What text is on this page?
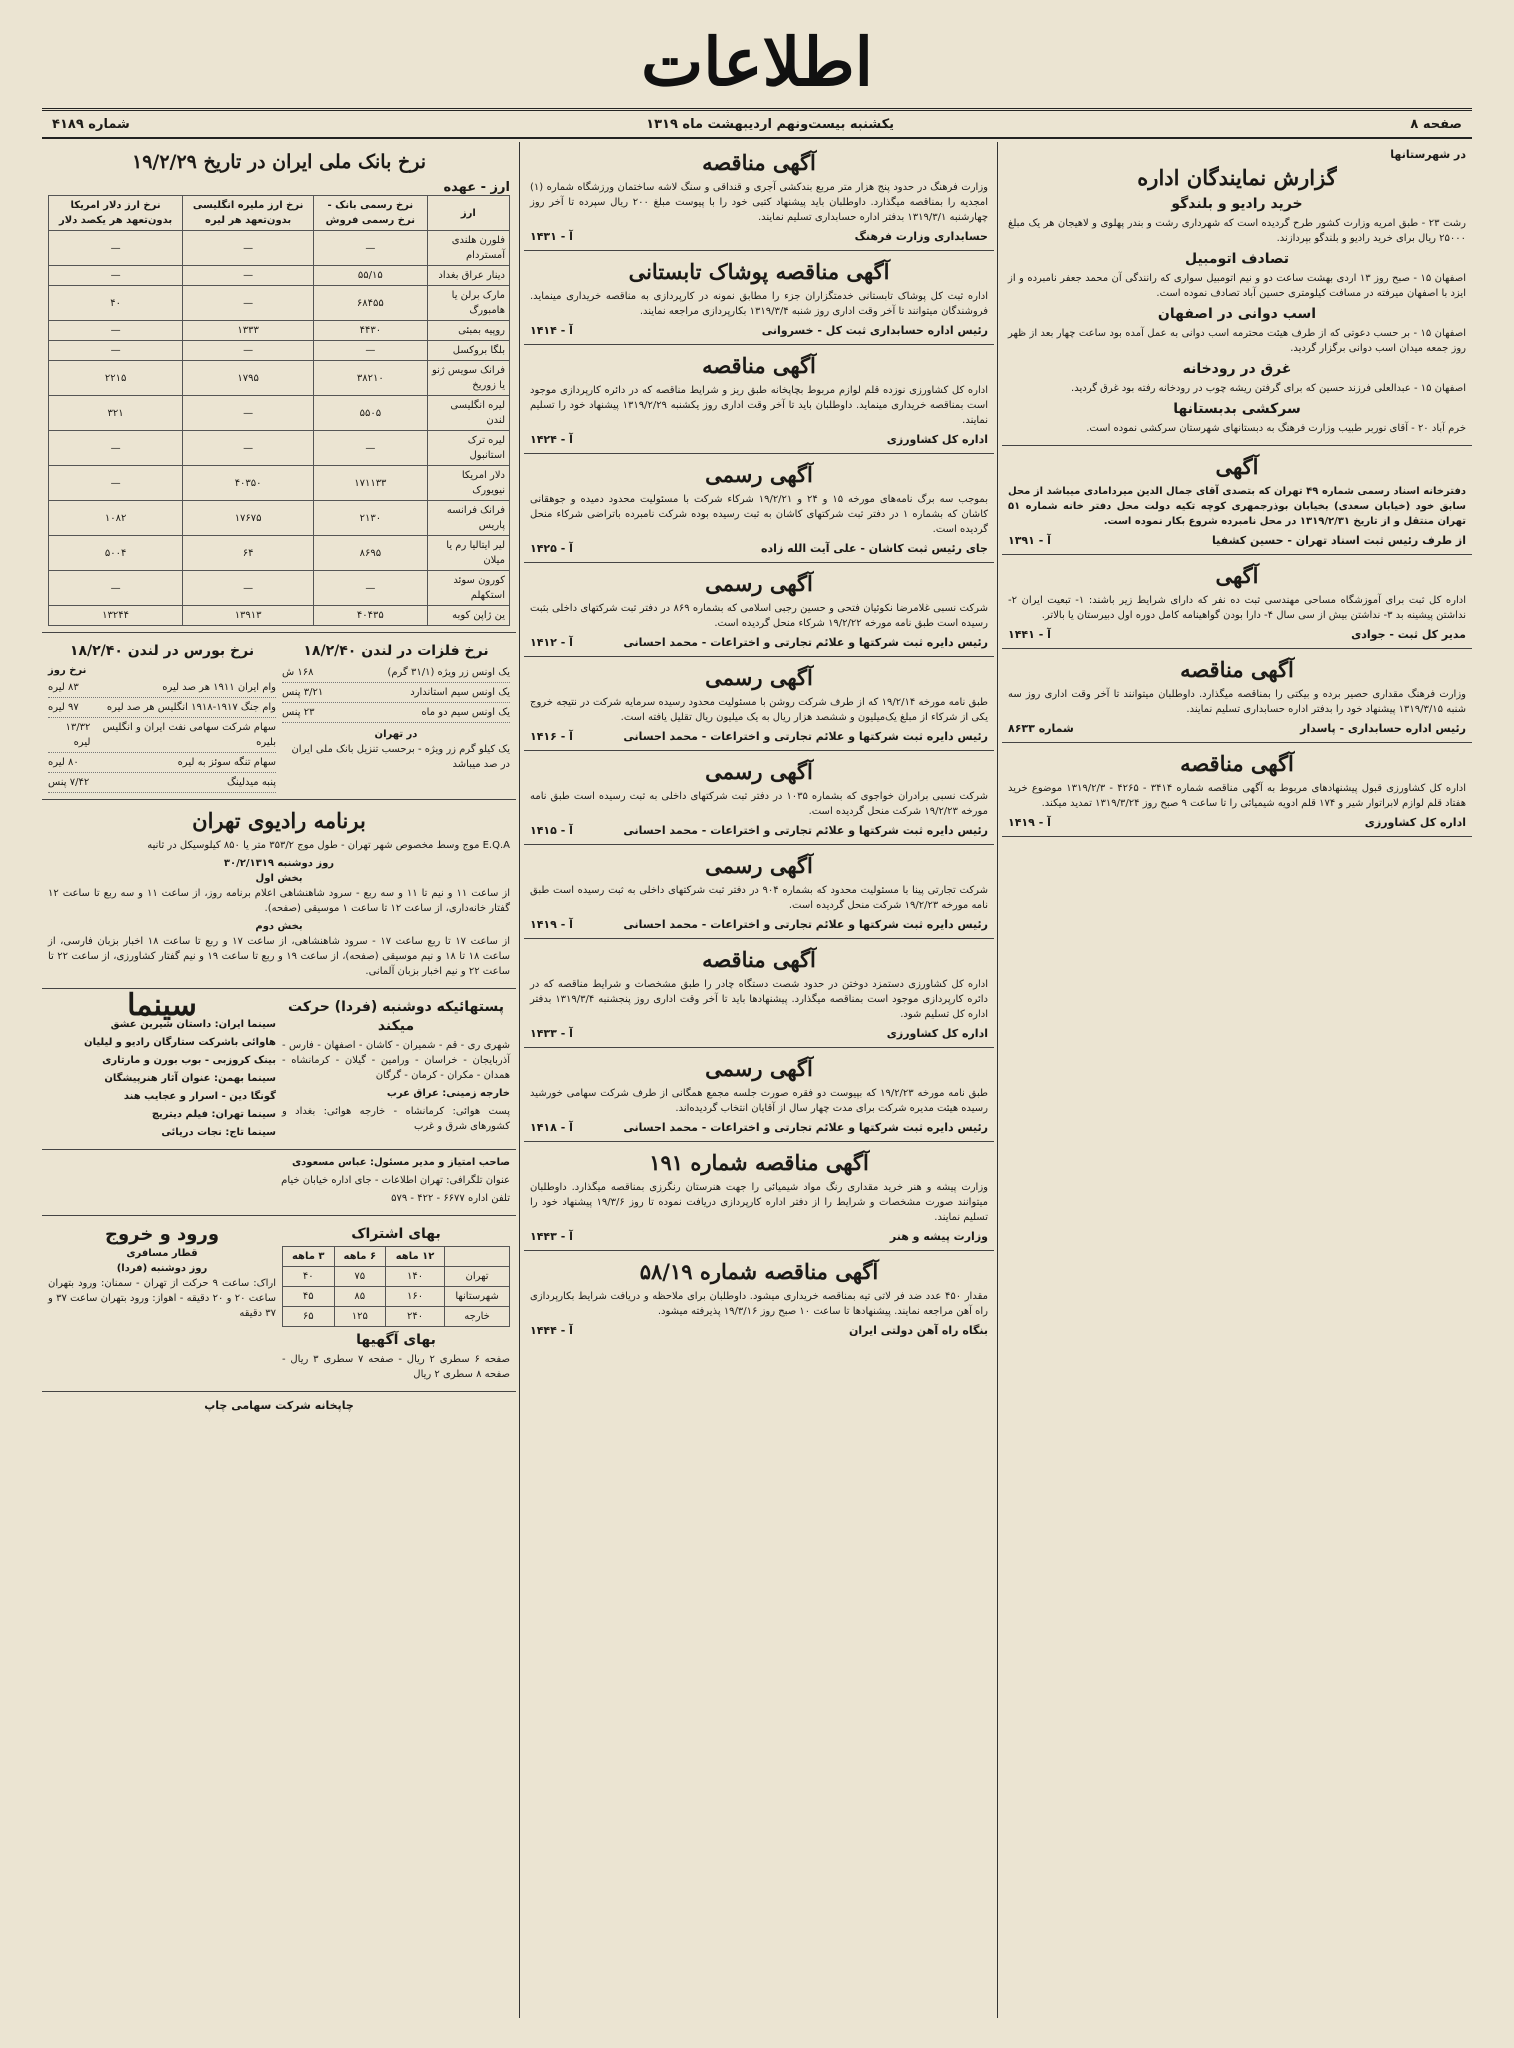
اطلاعات
صفحه ۸
یکشنبه بیست‌ونهم اردیبهشت ماه ۱۳۱۹
شماره ۴۱۸۹
در شهرستانها
گزارش نمایندگان اداره
خرید رادیو و بلندگو

رشت ۲۳ - طبق امریه وزارت کشور طرح گردیده است که شهرداری رشت و بندر پهلوی و لاهیجان هر یک مبلغ ۲۵۰۰۰ ریال برای خرید رادیو و بلندگو بپردازند.

تصادف اتومبیل

اصفهان ۱۵ - صبح روز ۱۳ اردی بهشت ساعت دو و نیم اتومبیل سواری که رانندگی آن محمد جعفر نامبرده و از ایزد با اصفهان میرفته در مسافت کیلومتری حسین آباد تصادف نموده است.

اسب دوانی در اصفهان

اصفهان ۱۵ - بر حسب دعوتی که از طرف هیئت محترمه اسب دوانی به عمل آمده بود ساعت چهار بعد از ظهر روز جمعه میدان اسب دوانی برگزار گردید.

غرق در رودخانه

اصفهان ۱۵ - عبدالعلی فرزند حسین که برای گرفتن ریشه چوب در رودخانه رفته بود غرق گردید.

سرکشی بدبستانها

خرم آباد ۲۰ - آقای نوربر طبیب وزارت فرهنگ به دبستانهای شهرستان سرکشی نموده است.

آگهی

دفترخانه اسناد رسمی شماره ۴۹ تهران که بتصدی آقای جمال الدین میردامادی میباشد از محل سابق خود (خیابان سعدی) بخیابان بوذرجمهری کوچه تکیه دولت محل دفتر خانه شماره ۵۱ تهران منتقل و از تاریخ ۱۳۱۹/۲/۳۱ در محل نامبرده شروع بکار نموده است.

از طرف رئیس ثبت اسناد تهران - حسین کشفیا
آ - ۱۳۹۱
آگهی

اداره کل ثبت برای آموزشگاه مساحی مهندسی ثبت ده نفر که دارای شرایط زیر باشند: ۱- تبعیت ایران ۲- نداشتن پیشینه بد ۳- نداشتن بیش از سی سال ۴- دارا بودن گواهینامه کامل دوره اول دبیرستان یا بالاتر.

مدیر کل ثبت - جوادی
آ - ۱۴۴۱
آگهی مناقصه

وزارت فرهنگ مقداری حصیر برده و بیکتی را بمناقصه میگذارد. داوطلبان میتوانند تا آخر وقت اداری روز سه شنبه ۱۳۱۹/۳/۱۵ پیشنهاد خود را بدفتر اداره حسابداری تسلیم نمایند.

رئیس اداره حسابداری - پاسدار
شماره ۸۶۳۳
آگهی مناقصه

اداره کل کشاورزی قبول پیشنهادهای مربوط به آگهی مناقصه شماره ۳۴۱۴ - ۴۲۶۵ - ۱۳۱۹/۲/۳ موضوع خرید هفتاد قلم لوازم لابراتوار شیر و ۱۷۴ قلم ادویه شیمیائی را تا ساعت ۹ صبح روز ۱۳۱۹/۳/۲۴ تمدید میکند.

اداره کل کشاورزی
آ - ۱۴۱۹
آگهی مناقصه

وزارت فرهنگ در حدود پنج هزار متر مربع بندکشی آجری و قنداقی و سنگ لاشه ساختمان ورزشگاه شماره (۱) امجدیه را بمناقصه میگذارد. داوطلبان باید پیشنهاد کتبی خود را با پیوست مبلغ ۲۰۰ ریال سپرده تا آخر روز چهارشنبه ۱۳۱۹/۳/۱ بدفتر اداره حسابداری تسلیم نمایند.

حسابداری وزارت فرهنگ
آ - ۱۴۳۱
آگهی مناقصه پوشاک تابستانی

اداره ثبت کل پوشاک تابستانی خدمتگزاران جزء را مطابق نمونه در کارپردازی به مناقصه خریداری مینماید. فروشندگان میتوانند تا آخر وقت اداری روز شنبه ۱۳۱۹/۳/۴ بکارپردازی مراجعه نمایند.

رئیس اداره حسابداری ثبت کل - خسروانی
آ - ۱۴۱۴
آگهی مناقصه

اداره کل کشاورزی نوزده قلم لوازم مربوط بچاپخانه طبق ریز و شرایط مناقصه که در دائره کارپردازی موجود است بمناقصه خریداری مینماید. داوطلبان باید تا آخر وقت اداری روز یکشنبه ۱۳۱۹/۲/۲۹ پیشنهاد خود را تسلیم نمایند.

اداره کل کشاورزی
آ - ۱۴۲۴
آگهی رسمی

بموجب سه برگ نامه‌های مورخه ۱۵ و ۲۴ و ۱۹/۲/۲۱ شرکاء شرکت با مسئولیت محدود دمیده و جوهقانی کاشان که بشماره ۱ در دفتر ثبت شرکتهای کاشان به ثبت رسیده بوده شرکت نامبرده باتراضی شرکاء منحل گردیده است.

جای رئیس ثبت کاشان - علی آیت الله زاده
آ - ۱۴۲۵
آگهی رسمی

شرکت نسبی غلامرضا نکوئیان فتحی و حسین رجبی اسلامی که بشماره ۸۶۹ در دفتر ثبت شرکتهای داخلی بثبت رسیده است طبق نامه مورخه ۱۹/۲/۲۲ شرکاء منحل گردیده است.

رئیس دایره ثبت شرکتها و علائم تجارتی و اختراعات - محمد احسانی
آ - ۱۴۱۲
آگهی رسمی

طبق نامه مورخه ۱۹/۲/۱۴ که از طرف شرکت روشن با مسئولیت محدود رسیده سرمایه شرکت در نتیجه خروج یکی از شرکاء از مبلغ یک‌میلیون و ششصد هزار ریال به یک میلیون ریال تقلیل یافته است.

رئیس دایره ثبت شرکتها و علائم تجارتی و اختراعات - محمد احسانی
آ - ۱۴۱۶
آگهی رسمی

شرکت نسبی برادران خواجوی که بشماره ۱۰۳۵ در دفتر ثبت شرکتهای داخلی به ثبت رسیده است طبق نامه مورخه ۱۹/۲/۲۳ شرکت منحل گردیده است.

رئیس دایره ثبت شرکتها و علائم تجارتی و اختراعات - محمد احسانی
آ - ۱۴۱۵
آگهی رسمی

شرکت تجارتی پینا با مسئولیت محدود که بشماره ۹۰۴ در دفتر ثبت شرکتهای داخلی به ثبت رسیده است طبق نامه مورخه ۱۹/۲/۲۳ شرکت منحل گردیده است.

رئیس دایره ثبت شرکتها و علائم تجارتی و اختراعات - محمد احسانی
آ - ۱۴۱۹
آگهی مناقصه

اداره کل کشاورزی دستمزد دوختن در حدود شصت دستگاه چادر را طبق مشخصات و شرایط مناقصه که در دائره کارپردازی موجود است بمناقصه میگذارد. پیشنهادها باید تا آخر وقت اداری روز پنجشنبه ۱۳۱۹/۳/۴ بدفتر اداره کل تسلیم شود.

اداره کل کشاورزی
آ - ۱۴۳۳
آگهی رسمی

طبق نامه مورخه ۱۹/۲/۲۳ که بپیوست دو فقره صورت جلسه مجمع همگانی از طرف شرکت سهامی خورشید رسیده هیئت مدیره شرکت برای مدت چهار سال از آقایان انتخاب گردیده‌اند.

رئیس دایره ثبت شرکتها و علائم تجارتی و اختراعات - محمد احسانی
آ - ۱۴۱۸
آگهی مناقصه شماره ۱۹۱

وزارت پیشه و هنر خرید مقداری رنگ مواد شیمیائی را جهت هنرستان رنگرزی بمناقصه میگذارد. داوطلبان میتوانند صورت مشخصات و شرایط را از دفتر اداره کارپردازی دریافت نموده تا روز ۱۹/۳/۶ پیشنهاد خود را تسلیم نمایند.

وزارت پیشه و هنر
آ - ۱۴۴۳
آگهی مناقصه شماره ۵۸/۱۹

مقدار ۴۵۰ عدد ضد فر لاتی تیه بمناقصه خریداری میشود. داوطلبان برای ملاحظه و دریافت شرایط بکارپردازی راه آهن مراجعه نمایند. پیشنهادها تا ساعت ۱۰ صبح روز ۱۹/۳/۱۶ پذیرفته میشود.

بنگاه راه آهن دولتی ایران
آ - ۱۴۴۴
نرخ بانک ملی ایران در تاریخ ۱۹/۲/۲۹
ارز - عهده
ارز	نرخ رسمی بانک - نرخ رسمی فروش	نرخ ارز ملیره انگلیسی بدون‌تعهد هر لیره	نرخ ارز دلار امریکا بدون‌تعهد هر یکصد دلار
فلورن هلندی آمستردام	—	—	—
دینار عراق بغداد	۵۵/۱۵	—	—
مارک برلن یا هامبورگ	۶۸۴۵۵	—	۴۰
روپیه بمبئی	۴۴۳۰	۱۳۳۳	—
بلگا بروکسل	—	—	—
فرانک سویس ژنو یا زوریخ	۳۸۲۱۰	۱۷۹۵	۲۲۱۵
لیره انگلیسی لندن	۵۵۰۵	—	۳۲۱
لیره ترک استانبول	—	—	—
دلار امریکا نیویورک	۱۷۱۱۳۳	۴۰۳۵۰	—
فرانک فرانسه پاریس	۲۱۳۰	۱۷۶۷۵	۱۰۸۲
لیر ایتالیا رم یا میلان	۸۶۹۵	۶۴	۵۰۰۴
کورون سوئد استکهلم	—	—	—
ین ژاپن کوبه	۴۰۴۳۵	۱۳۹۱۳	۱۳۲۴۴
نرخ فلزات در لندن ۱۸/۲/۴۰
یک اونس زر ویژه (۳۱/۱ گرم)
۱۶۸ ش
یک اونس سیم استاندارد
۳/۲۱ پنس
یک اونس سیم دو ماه
۲۳ پنس
در تهران
یک کیلو گرم زر ویژه - برحسب تنزیل بانک ملی ایران در صد میباشد
نرخ بورس در لندن ۱۸/۲/۴۰
نرخ روز
وام ایران ۱۹۱۱ هر صد لیره
۸۳ لیره
وام جنگ ۱۹۱۷-۱۹۱۸ انگلیس هر صد لیره
۹۷ لیره
سهام شرکت سهامی نفت ایران و انگلیس بلیره
۱۳/۳۲ لیره
سهام تنگه سوئز به لیره
۸۰ لیره
پنبه میدلینگ
۷/۴۲ پنس
برنامه رادیوی تهران

E.Q.A موج وسط مخصوص شهر تهران - طول موج ۳۵۳/۲ متر یا ۸۵۰ کیلوسیکل در ثانیه

روز دوشنبه ۳۰/۲/۱۳۱۹
بخش اول

از ساعت ۱۱ و نیم تا ۱۱ و سه ربع - سرود شاهنشاهی اعلام برنامه روز، از ساعت ۱۱ و سه ربع تا ساعت ۱۲ گفتار خانه‌داری، از ساعت ۱۲ تا ساعت ۱ موسیقی (صفحه).

بخش دوم

از ساعت ۱۷ تا ربع ساعت ۱۷ - سرود شاهنشاهی، از ساعت ۱۷ و ربع تا ساعت ۱۸ اخبار بزبان فارسی، از ساعت ۱۸ تا ۱۸ و نیم موسیقی (صفحه)، از ساعت ۱۹ و ربع تا ساعت ۱۹ و نیم گفتار کشاورزی، از ساعت ۲۲ تا ساعت ۲۲ و نیم اخبار بزبان آلمانی.

پستهائیکه دوشنبه (فردا) حرکت میکند

شهری ری - قم - شمیران - کاشان - اصفهان - فارس - آذربایجان - خراسان - ورامین - گیلان - کرمانشاه - همدان - مکران - کرمان - گرگان

خارجه زمینی: عراق عرب

پست هوائی: کرمانشاه - خارجه هوائی: بغداد و کشورهای شرق و غرب

سینما

سینما ایران: داستان شیرین عشق

هاوائی باشرکت ستارگان رادیو و لیلیان

بینک کروزبی - بوب بورن و مارتاری

سینما بهمن: عنوان آثار هنرپیشگان

گونگا دین - اسرار و عجایب هند

سینما تهران: فیلم دیتریچ

سینما تاج: نجات دریائی

صاحب امتیاز و مدیر مسئول: عباس مسعودی

عنوان تلگرافی: تهران اطلاعات - جای اداره خیابان خیام

تلفن اداره ۶۶۷۷ - ۴۲۲ - ۵۷۹

بهای اشتراک
	۱۲ ماهه	۶ ماهه	۳ ماهه
تهران	۱۴۰	۷۵	۴۰
شهرستانها	۱۶۰	۸۵	۴۵
خارجه	۲۴۰	۱۲۵	۶۵
بهای آگهیها

صفحه ۶ سطری ۲ ریال - صفحه ۷ سطری ۳ ریال - صفحه ۸ سطری ۲ ریال

ورود و خروج
قطار مسافری
روز دوشنبه (فردا)

اراک: ساعت ۹ حرکت از تهران - سمنان: ورود بتهران ساعت ۲۰ و ۲۰ دقیقه - اهواز: ورود بتهران ساعت ۳۷ و ۳۷ دقیقه

چاپخانه شرکت سهامی چاپ
